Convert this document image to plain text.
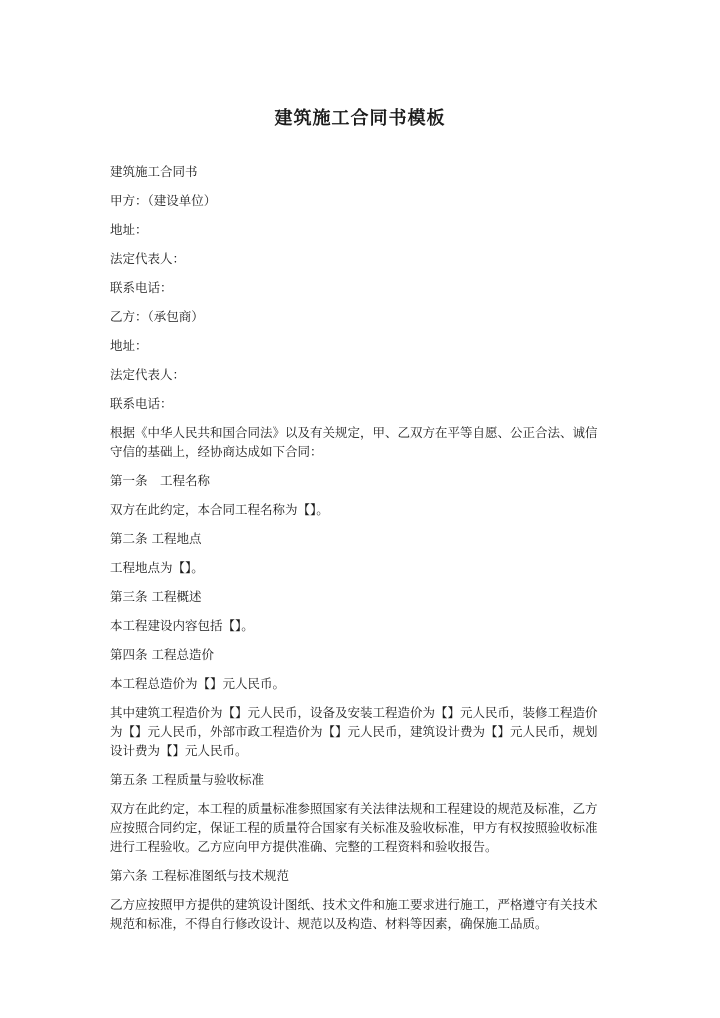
建筑施工合同书模板

建筑施工合同书

甲方：（建设单位）

地址：

法定代表人：

联系电话：

乙方：（承包商）

地址：

法定代表人：

联系电话：

根据《中华人民共和国合同法》以及有关规定，甲、乙双方在平等自愿、公正合法、诚信守信的基础上，经协商达成如下合同：

第一条　工程名称

双方在此约定，本合同工程名称为【】。

第二条 工程地点

工程地点为【】。

第三条 工程概述

本工程建设内容包括【】。

第四条 工程总造价

本工程总造价为【】元人民币。

其中建筑工程造价为【】元人民币，设备及安装工程造价为【】元人民币，装修工程造价为【】元人民币，外部市政工程造价为【】元人民币，建筑设计费为【】元人民币，规划设计费为【】元人民币。

第五条 工程质量与验收标准

双方在此约定，本工程的质量标准参照国家有关法律法规和工程建设的规范及标准，乙方应按照合同约定，保证工程的质量符合国家有关标准及验收标准，甲方有权按照验收标准进行工程验收。乙方应向甲方提供准确、完整的工程资料和验收报告。

第六条 工程标准图纸与技术规范

乙方应按照甲方提供的建筑设计图纸、技术文件和施工要求进行施工，严格遵守有关技术规范和标准，不得自行修改设计、规范以及构造、材料等因素，确保施工品质。
